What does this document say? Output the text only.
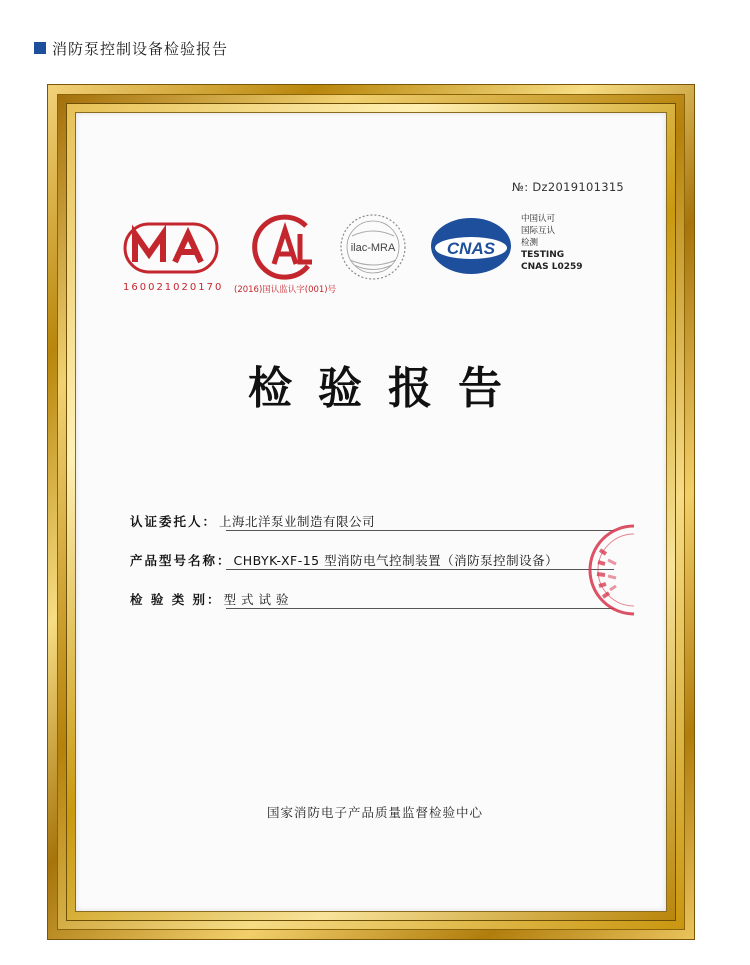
消防泵控制设备检验报告
№: Dz2019101315
160021020170 (2016)国认监认字(001)号
ilac-MRA	CNAS
中国认可
国际互认
检测
TESTING
CNAS L0259
检验报告
认证委托人： 上海北洋泵业制造有限公司
产品型号名称： CHBYK-XF-15 型消防电气控制装置（消防泵控制设备）
检 验 类 别： 型 式 试 验
国家消防电子产品质量监督检验中心
